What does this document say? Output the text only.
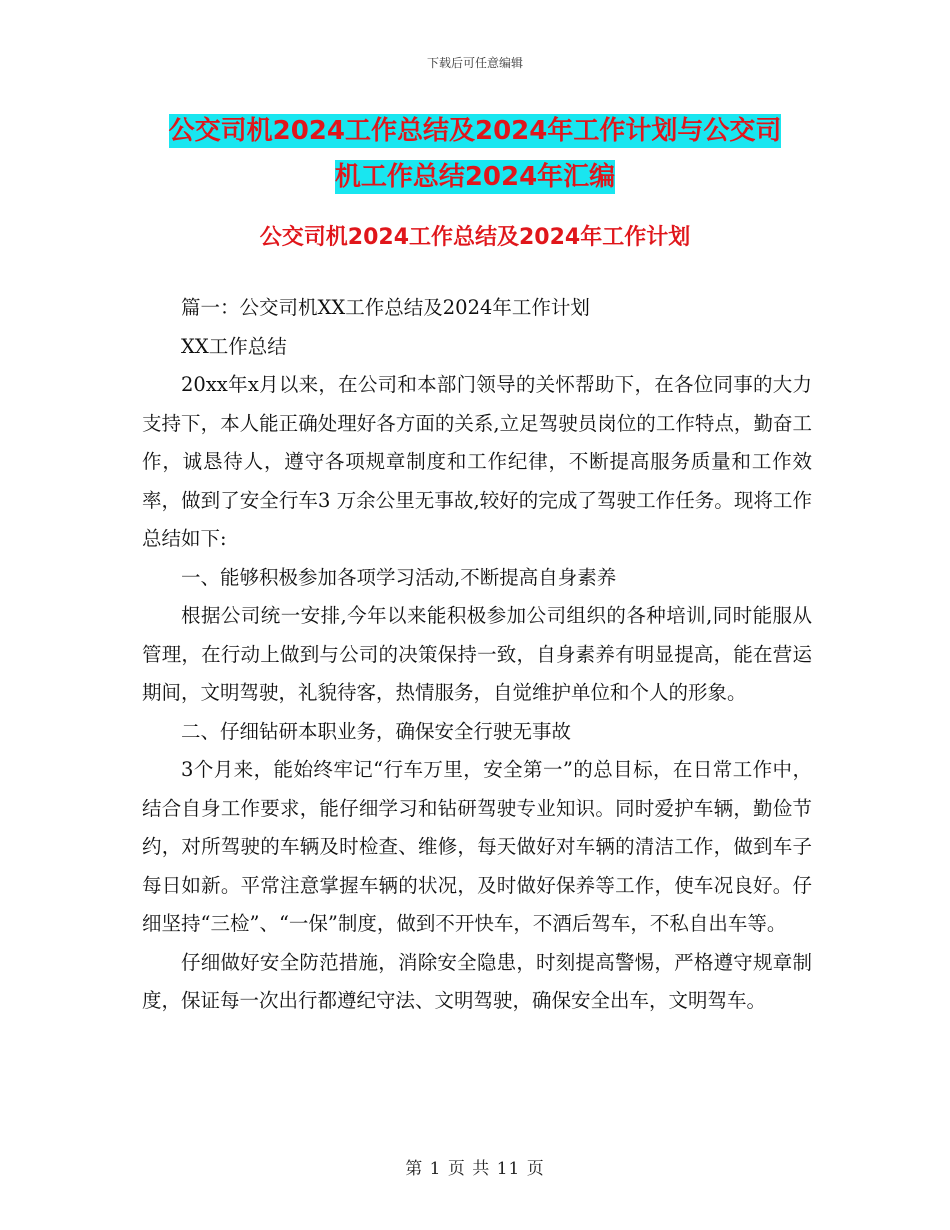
下载后可任意编辑
公交司机2024工作总结及2024年工作计划与公交司
机工作总结2024年汇编
公交司机2024工作总结及2024年工作计划

篇一：公交司机XX工作总结及2024年工作计划

XX工作总结

20xx年x月以来，在公司和本部门领导的关怀帮助下，在各位同事的大力支持下，本人能正确处理好各方面的关系,立足驾驶员岗位的工作特点，勤奋工作，诚恳待人，遵守各项规章制度和工作纪律，不断提高服务质量和工作效率，做到了安全行车3 万余公里无事故,较好的完成了驾驶工作任务。现将工作总结如下:

一、能够积极参加各项学习活动,不断提高自身素养

根据公司统一安排,今年以来能积极参加公司组织的各种培训,同时能服从管理，在行动上做到与公司的决策保持一致，自身素养有明显提高，能在营运期间，文明驾驶，礼貌待客，热情服务，自觉维护单位和个人的形象。

二、仔细钻研本职业务，确保安全行驶无事故

3个月来，能始终牢记“行车万里，安全第一”的总目标，在日常工作中，结合自身工作要求，能仔细学习和钻研驾驶专业知识。同时爱护车辆，勤俭节约，对所驾驶的车辆及时检查、维修，每天做好对车辆的清洁工作，做到车子每日如新。平常注意掌握车辆的状况，及时做好保养等工作，使车况良好。仔细坚持“三检”、“一保”制度，做到不开快车，不酒后驾车，不私自出车等。

仔细做好安全防范措施，消除安全隐患，时刻提高警惕，严格遵守规章制度，保证每一次出行都遵纪守法、文明驾驶，确保安全出车，文明驾车。

第 1 页 共 11 页
